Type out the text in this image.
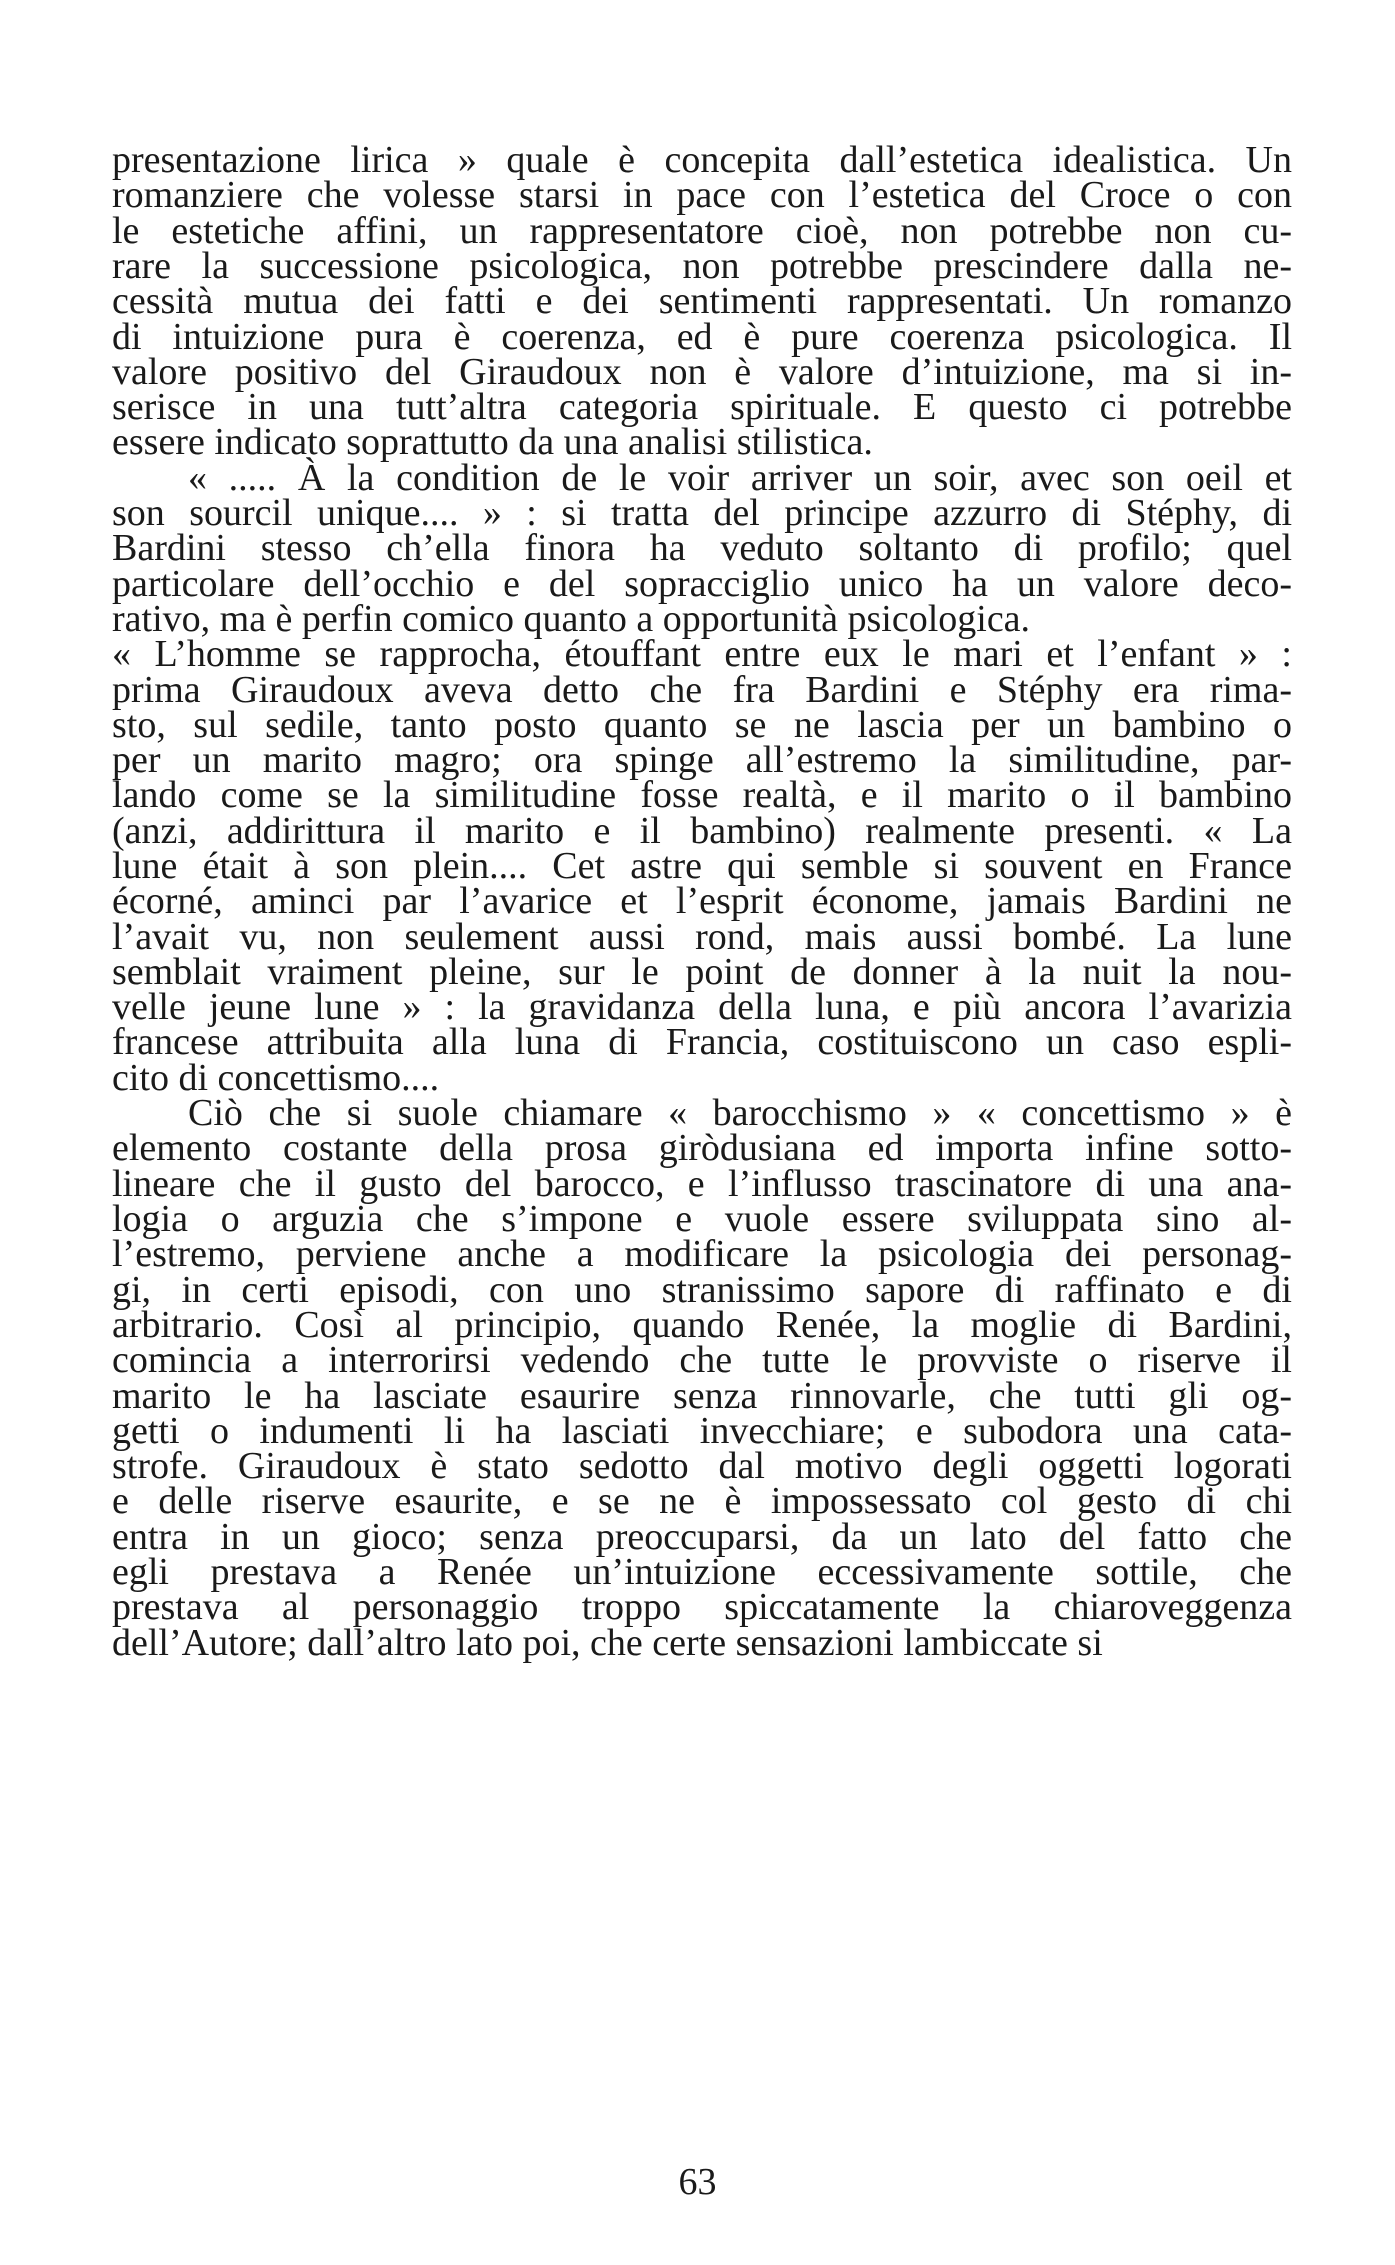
presentazione lirica » quale è concepita dall’estetica idealistica. Un
romanziere che volesse starsi in pace con l’estetica del Croce o con
le estetiche affini, un rappresentatore cioè, non potrebbe non cu-
rare la successione psicologica, non potrebbe prescindere dalla ne-
cessità mutua dei fatti e dei sentimenti rappresentati. Un romanzo
di intuizione pura è coerenza, ed è pure coerenza psicologica. Il
valore positivo del Giraudoux non è valore d’intuizione, ma si in-
serisce in una tutt’altra categoria spirituale. E questo ci potrebbe
essere indicato soprattutto da una analisi stilistica.
« ..... À la condition de le voir arriver un soir, avec son oeil et
son sourcil unique.... » : si tratta del principe azzurro di Stéphy, di
Bardini stesso ch’ella finora ha veduto soltanto di profilo; quel
particolare dell’occhio e del sopracciglio unico ha un valore deco-
rativo, ma è perfin comico quanto a opportunità psicologica.
« L’homme se rapprocha, étouffant entre eux le mari et l’enfant » :
prima Giraudoux aveva detto che fra Bardini e Stéphy era rima-
sto, sul sedile, tanto posto quanto se ne lascia per un bambino o
per un marito magro; ora spinge all’estremo la similitudine, par-
lando come se la similitudine fosse realtà, e il marito o il bambino
(anzi, addirittura il marito e il bambino) realmente presenti. « La
lune était à son plein.... Cet astre qui semble si souvent en France
écorné, aminci par l’avarice et l’esprit économe, jamais Bardini ne
l’avait vu, non seulement aussi rond, mais aussi bombé. La lune
semblait vraiment pleine, sur le point de donner à la nuit la nou-
velle jeune lune » : la gravidanza della luna, e più ancora l’avarizia
francese attribuita alla luna di Francia, costituiscono un caso espli-
cito di concettismo....
Ciò che si suole chiamare « barocchismo » « concettismo » è
elemento costante della prosa giròdusiana ed importa infine sotto-
lineare che il gusto del barocco, e l’influsso trascinatore di una ana-
logia o arguzia che s’impone e vuole essere sviluppata sino al-
l’estremo, perviene anche a modificare la psicologia dei personag-
gi, in certi episodi, con uno stranissimo sapore di raffinato e di
arbitrario. Così al principio, quando Renée, la moglie di Bardini,
comincia a interrorirsi vedendo che tutte le provviste o riserve il
marito le ha lasciate esaurire senza rinnovarle, che tutti gli og-
getti o indumenti li ha lasciati invecchiare; e subodora una cata-
strofe. Giraudoux è stato sedotto dal motivo degli oggetti logorati
e delle riserve esaurite, e se ne è impossessato col gesto di chi
entra in un gioco; senza preoccuparsi, da un lato del fatto che
egli prestava a Renée un’intuizione eccessivamente sottile, che
prestava al personaggio troppo spiccatamente la chiaroveggenza
dell’Autore; dall’altro lato poi, che certe sensazioni lambiccate si
63
